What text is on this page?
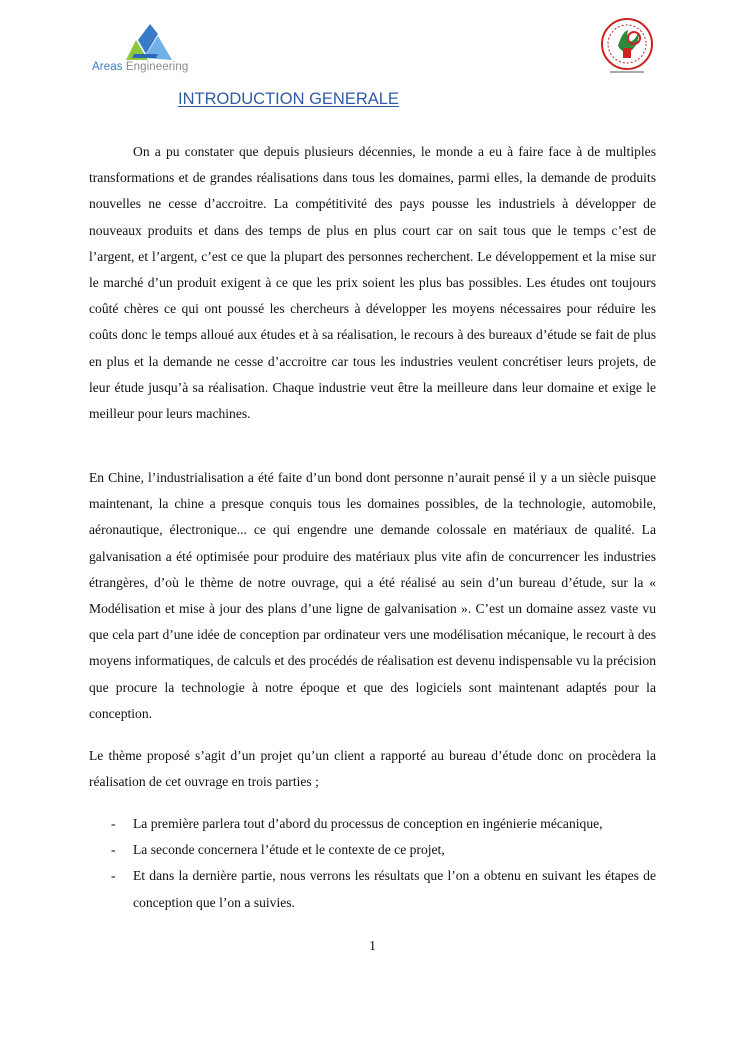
Areas Engineering
INTRODUCTION GENERALE

On a pu constater que depuis plusieurs décennies, le monde a eu à faire face à de multiples transformations et de grandes réalisations dans tous les domaines, parmi elles, la demande de produits nouvelles ne cesse d’accroitre. La compétitivité des pays pousse les industriels à développer de nouveaux produits et dans des temps de plus en plus court car on sait tous que le temps c’est de l’argent, et l’argent, c’est ce que la plupart des personnes recherchent. Le développement et la mise sur le marché d’un produit exigent à ce que les prix soient les plus bas possibles. Les études ont toujours coûté chères ce qui ont poussé les chercheurs à développer les moyens nécessaires pour réduire les coûts donc le temps alloué aux études et à sa réalisation, le recours à des bureaux d’étude se fait de plus en plus et la demande ne cesse d’accroitre car tous les industries veulent concrétiser leurs projets, de leur étude jusqu’à sa réalisation. Chaque industrie veut être la meilleure dans leur domaine et exige le meilleur pour leurs machines.

En Chine, l’industrialisation a été faite d’un bond dont personne n’aurait pensé il y a un siècle puisque maintenant, la chine a presque conquis tous les domaines possibles, de la technologie, automobile, aéronautique, électronique... ce qui engendre une demande colossale en matériaux de qualité. La galvanisation a été optimisée pour produire des matériaux plus vite afin de concurrencer les industries étrangères, d’où le thème de notre ouvrage, qui a été réalisé au sein d’un bureau d’étude, sur la « Modélisation et mise à jour des plans d’une ligne de galvanisation ». C’est un domaine assez vaste vu que cela part d’une idée de conception par ordinateur vers une modélisation mécanique, le recourt à des moyens informatiques, de calculs et des procédés de réalisation est devenu indispensable vu la précision que procure la technologie à notre époque et que des logiciels sont maintenant adaptés pour la conception.

Le thème proposé s’agit d’un projet qu’un client a rapporté au bureau d’étude donc on procèdera la réalisation de cet ouvrage en trois parties ;

- La première parlera tout d’abord du processus de conception en ingénierie mécanique,
- La seconde concernera l’étude et le contexte de ce projet,
- Et dans la dernière partie, nous verrons les résultats que l’on a obtenu en suivant les étapes de conception que l’on a suivies.
1
